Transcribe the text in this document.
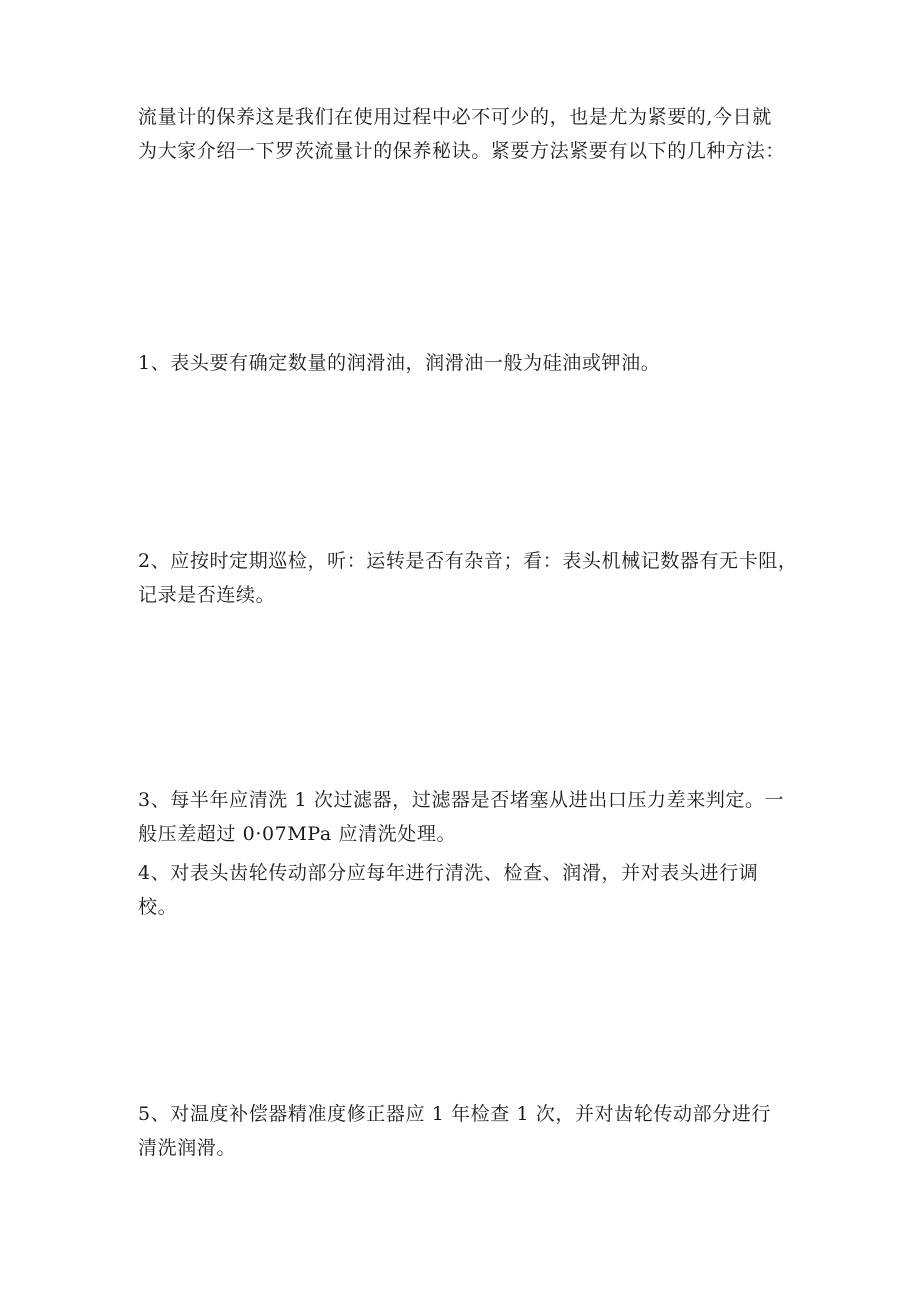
流量计的保养这是我们在使用过程中必不可少的，也是尤为紧要的,今日就
为大家介绍一下罗茨流量计的保养秘诀。紧要方法紧要有以下的几种方法：

1、表头要有确定数量的润滑油，润滑油一般为硅油或钾油。

2、应按时定期巡检，听：运转是否有杂音；看：表头机械记数器有无卡阻，
记录是否连续。

3、每半年应清洗 1 次过滤器，过滤器是否堵塞从进出口压力差来判定。一
般压差超过 0·07MPa 应清洗处理。

4、对表头齿轮传动部分应每年进行清洗、检查、润滑，并对表头进行调
校。

5、对温度补偿器精准度修正器应 1 年检查 1 次，并对齿轮传动部分进行
清洗润滑。
